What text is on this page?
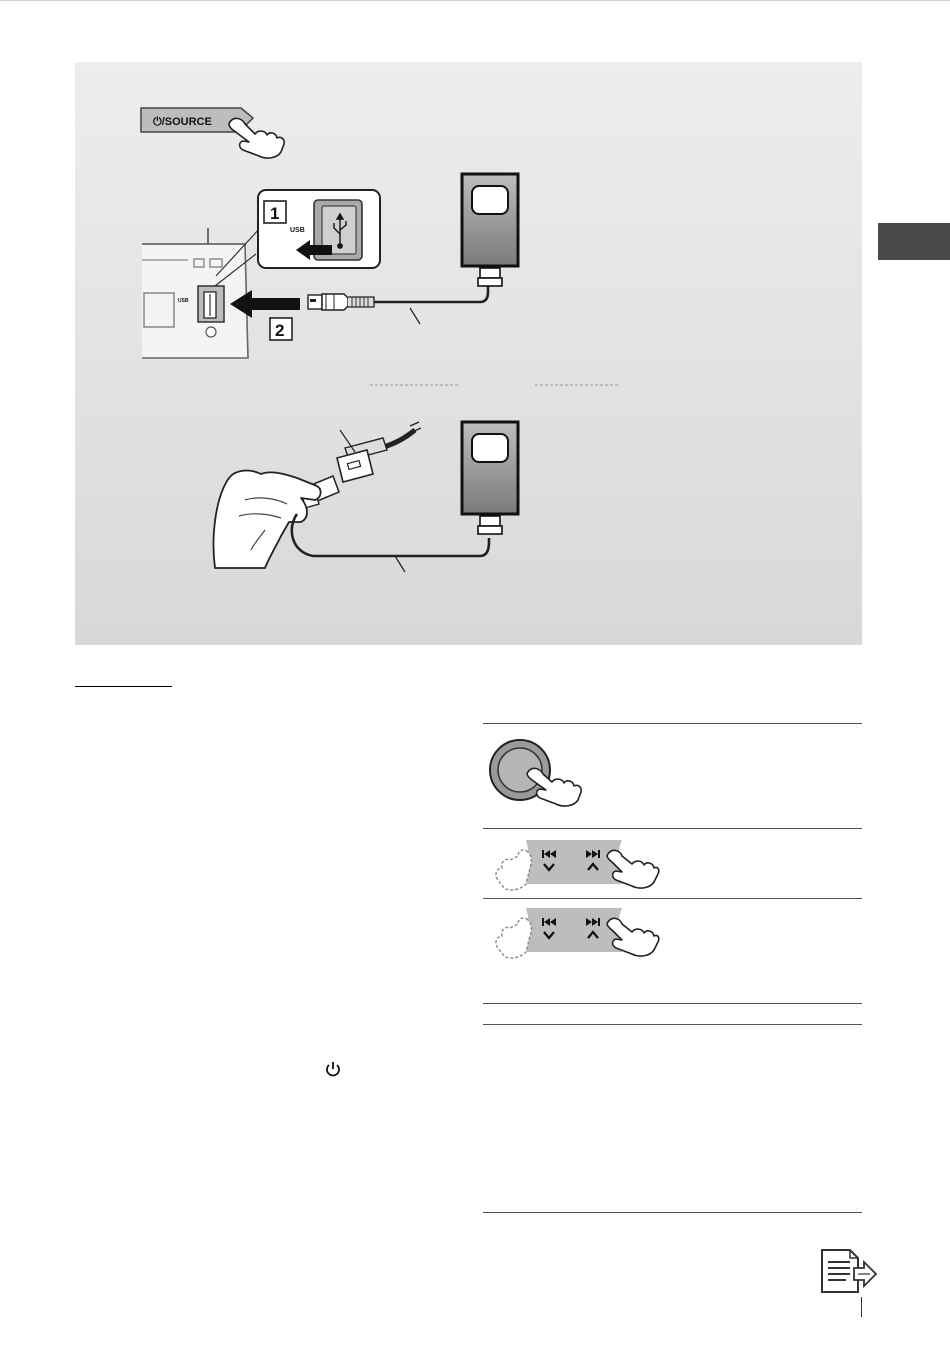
⏻/SOURCE
USB
1
USB
2
